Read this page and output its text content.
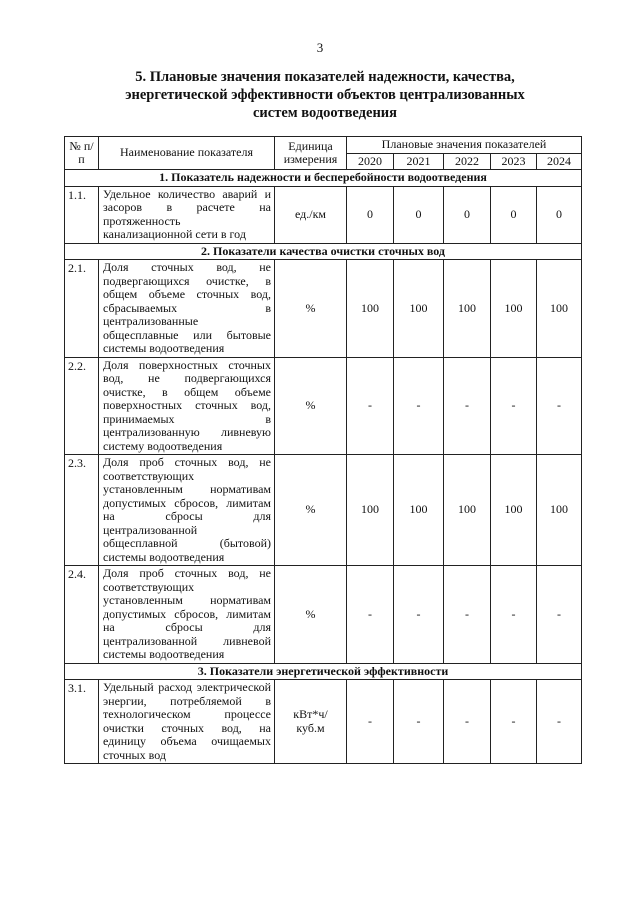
3
5. Плановые значения показателей надежности, качества,
энергетической эффективности объектов централизованных
систем водоотведения
№ п/п	Наименование показателя	Единица измерения	Плановые значения показателей				
			2020	2021	2022	2023	2024
1. Показатель надежности и бесперебойности водоотведения							
1.1.	Удельное количество аварий и засоров в расчете на протяженность канализационной сети в год	ед./км	0	0	0	0	0
2. Показатели качества очистки сточных вод							
2.1.	Доля сточных вод, не подвергающихся очистке, в общем объеме сточных вод, сбрасываемых в централизованные общесплавные или бытовые системы водоотведения	%	100	100	100	100	100
2.2.	Доля поверхностных сточных вод, не подвергающихся очистке, в общем объеме поверхностных сточных вод, принимаемых в централизованную ливневую систему водоотведения	%	-	-	-	-	-
2.3.	Доля проб сточных вод, не соответствующих установленным нормативам допустимых сбросов, лимитам на сбросы для централизованной общесплавной (бытовой) системы водоотведения	%	100	100	100	100	100
2.4.	Доля проб сточных вод, не соответствующих установленным нормативам допустимых сбросов, лимитам на сбросы для централизованной ливневой системы водоотведения	%	-	-	-	-	-
3. Показатели энергетической эффективности							
3.1.	Удельный расход электрической энергии, потребляемой в технологическом процессе очистки сточных вод, на единицу объема очищаемых сточных вод	кВт*ч/ куб.м	-	-	-	-	-
